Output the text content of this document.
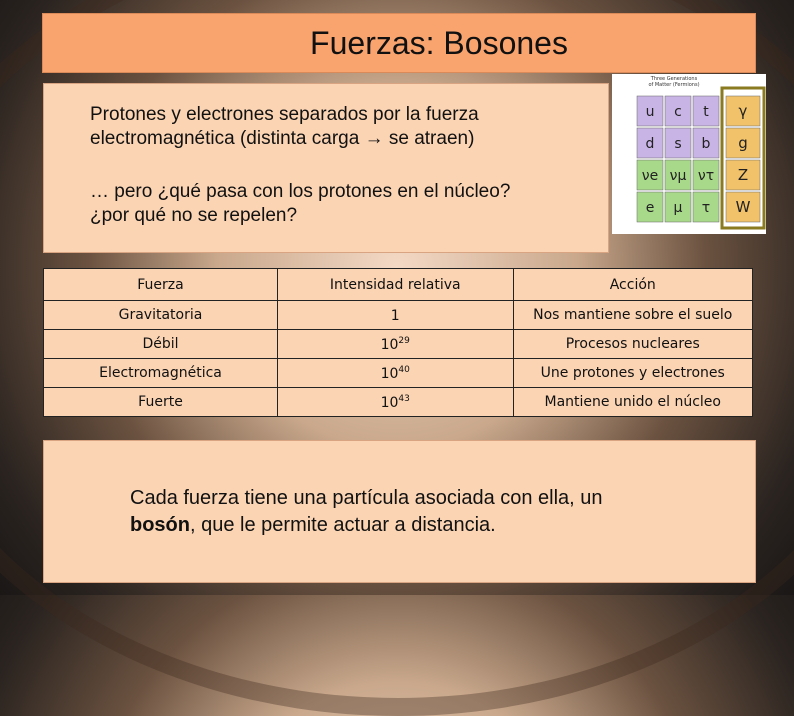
Fuerzas: Bosones

Protones y electrones separados por la fuerza
electromagnética (distinta carga → se atraen)

… pero ¿qué pasa con los protones en el núcleo?
¿por qué no se repelen?

Three Generations
of Matter (Fermions)
u c t
d s b
νe νμ ντ
e μ τ
γ
g
Z
W
Fuerza	Intensidad relativa	Acción
Gravitatoria	1	Nos mantiene sobre el suelo
Débil	$10^{29}$	Procesos nucleares
Electromagnética	$10^{40}$	Une protones y electrones
Fuerte	$10^{43}$	Mantiene unido el núcleo

Cada fuerza tiene una partícula asociada con ella, un
bosón, que le permite actuar a distancia.
